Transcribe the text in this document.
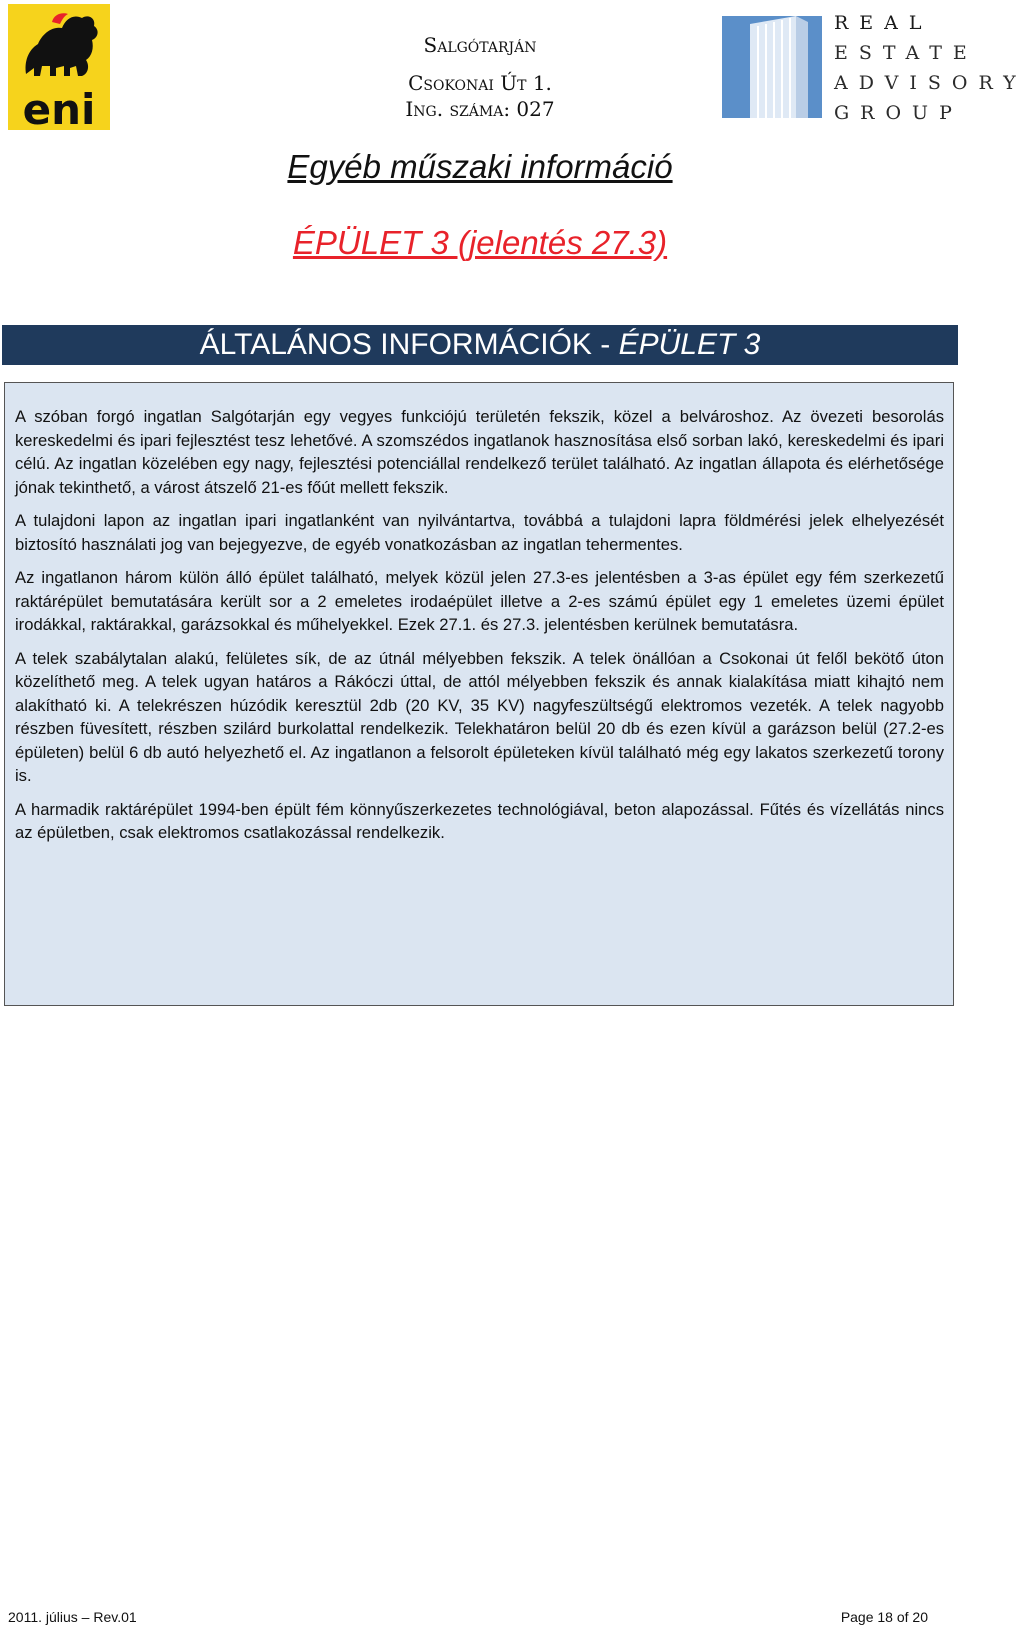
eni
Salgótarján
Csokonai Út 1.
Ing. száma: 027
REAL
ESTATE
ADVISORY
GROUP
Egyéb műszaki információ
ÉPÜLET 3 (jelentés 27.3)
ÁLTALÁNOS INFORMÁCIÓK - ÉPÜLET 3

A szóban forgó ingatlan Salgótarján egy vegyes funkciójú területén fekszik, közel a belvároshoz. Az övezeti besorolás kereskedelmi és ipari fejlesztést tesz lehetővé. A szomszédos ingatlanok hasznosítása első sorban lakó, kereskedelmi és ipari célú. Az ingatlan közelében egy nagy, fejlesztési potenciállal rendelkező terület található. Az ingatlan állapota és elérhetősége jónak tekinthető, a várost átszelő 21-es főút mellett fekszik.

A tulajdoni lapon az ingatlan ipari ingatlanként van nyilvántartva, továbbá a tulajdoni lapra földmérési jelek elhelyezését biztosító használati jog van bejegyezve, de egyéb vonatkozásban az ingatlan tehermentes.

Az ingatlanon három külön álló épület található, melyek közül jelen 27.3-es jelentésben a 3-as épület egy fém szerkezetű raktárépület bemutatására került sor a 2 emeletes irodaépület illetve a 2-es számú épület egy 1 emeletes üzemi épület irodákkal, raktárakkal, garázsokkal és műhelyekkel. Ezek 27.1. és 27.3. jelentésben kerülnek bemutatásra.

A telek szabálytalan alakú, felületes sík, de az útnál mélyebben fekszik. A telek önállóan a Csokonai út felől bekötő úton közelíthető meg. A telek ugyan határos a Rákóczi úttal, de attól mélyebben fekszik és annak kialakítása miatt kihajtó nem alakítható ki. A telekrészen húzódik keresztül 2db (20 KV, 35 KV) nagyfeszültségű elektromos vezeték. A telek nagyobb részben füvesített, részben szilárd burkolattal rendelkezik. Telekhatáron belül 20 db és ezen kívül a garázson belül (27.2-es épületen) belül 6 db autó helyezhető el. Az ingatlanon a felsorolt épületeken kívül található még egy lakatos szerkezetű torony is.

A harmadik raktárépület 1994-ben épült fém könnyűszerkezetes technológiával, beton alapozással. Fűtés és vízellátás nincs az épületben, csak elektromos csatlakozással rendelkezik.

2011. július – Rev.01	Page 18 of 20
